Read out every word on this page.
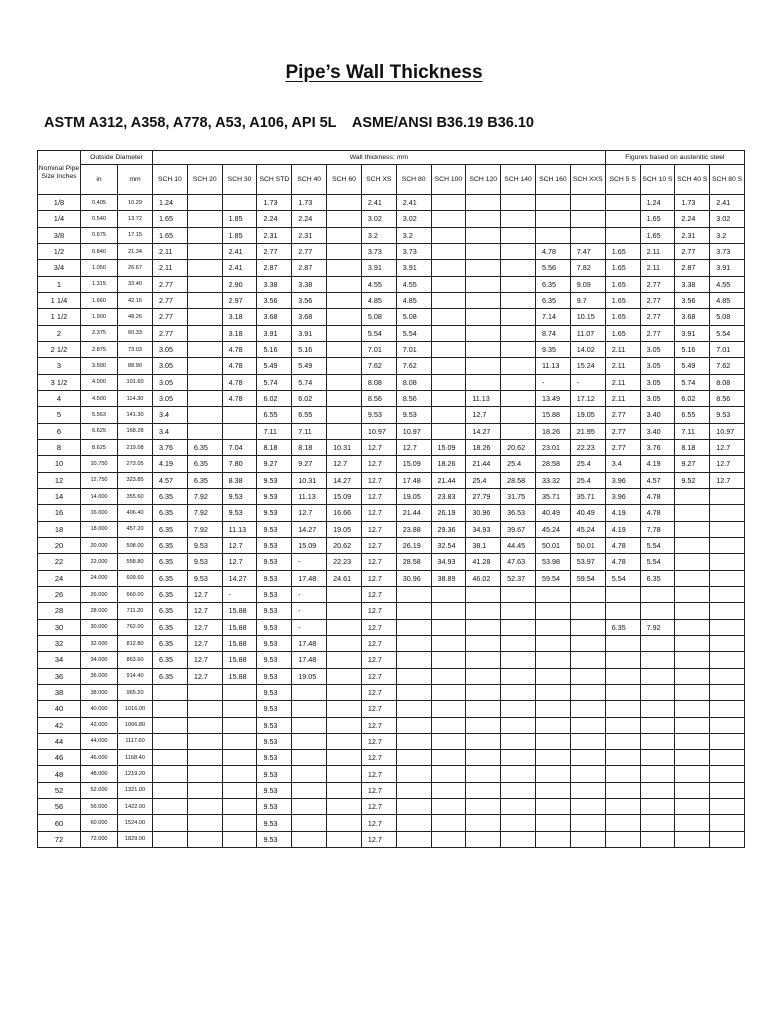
Pipe’s Wall Thickness
ASTM A312, A358, A778, A53, A106, API 5L    ASME/ANSI B36.19 B36.10
Nominal Pipe Size Inches	Outside Diameter		Wall thickness: mm													Figures based on austenitic steel			
	in	mm	SCH 10	SCH 20	SCH 30	SCH STD	SCH 40	SCH 60	SCH XS	SCH 80	SCH 100	SCH 120	SCH 140	SCH 160	SCH XXS	SCH 5 S	SCH 10 S	SCH 40 S	SCH 80 S
1/8	0.405	10.29	1.24			1.73	1.73		2.41	2.41							1.24	1.73	2.41
1/4	0.540	13.72	1.65		1.85	2.24	2.24		3.02	3.02							1.65	2.24	3.02
3/8	0.675	17.15	1.65		1.85	2.31	2.31		3.2	3.2							1.65	2.31	3.2
1/2	0.840	21.34	2.11		2.41	2.77	2.77		3.73	3.73				4.78	7.47	1.65	2.11	2.77	3.73
3/4	1.050	26.67	2.11		2.41	2.87	2.87		3.91	3.91				5.56	7.82	1.65	2.11	2.87	3.91
1	1.315	33.40	2.77		2.90	3.38	3.38		4.55	4.55				6.35	9.09	1.65	2.77	3.38	4.55
1 1/4	1.660	42.16	2.77		2.97	3.56	3.56		4.85	4.85				6.35	9.7	1.65	2.77	3.56	4.85
1 1/2	1.900	48.26	2.77		3.18	3.68	3.68		5.08	5.08				7.14	10.15	1.65	2.77	3.68	5.08
2	2.375	60.33	2.77		3.18	3.91	3.91		5.54	5.54				8.74	11.07	1.65	2.77	3.91	5.54
2 1/2	2.875	73.03	3.05		4.78	5.16	5.16		7.01	7.01				9.35	14.02	2.11	3.05	5.16	7.01
3	3.500	88.90	3.05		4.78	5.49	5.49		7.62	7.62				11.13	15.24	2.11	3.05	5.49	7.62
3 1/2	4.000	101.60	3.05		4.78	5.74	5.74		8.08	8.08				-	-	2.11	3.05	5.74	8.08
4	4.500	114.30	3.05		4.78	6.02	6.02		8.56	8.56		11.13		13.49	17.12	2.11	3.05	6.02	8.56
5	5.563	141.30	3.4			6.55	6.55		9.53	9.53		12.7		15.88	19.05	2.77	3.40	6.55	9.53
6	6.625	168.28	3.4			7.11	7.11		10.97	10.97		14.27		18.26	21.95	2.77	3.40	7.11	10.97
8	8.625	219.08	3.76	6.35	7.04	8.18	8.18	10.31	12.7	12.7	15.09	18.26	20.62	23.01	22.23	2.77	3.76	8.18	12.7
10	10.750	273.05	4.19	6.35	7.80	9.27	9.27	12.7	12.7	15.09	18.26	21.44	25.4	28.58	25.4	3.4	4.19	9.27	12.7
12	12.750	323.85	4.57	6.35	8.38	9.53	10.31	14.27	12.7	17.48	21.44	25.4	28.58	33.32	25.4	3.96	4.57	9.52	12.7
14	14.000	355.60	6.35	7.92	9.53	9.53	11.13	15.09	12.7	19.05	23.83	27.79	31.75	35.71	35.71	3.96	4.78		
16	16.000	406.40	6.35	7.92	9.53	9.53	12.7	16.66	12.7	21.44	26.19	30.96	36.53	40.49	40.49	4.19	4.78		
18	18.000	457.20	6.35	7.92	11.13	9.53	14.27	19.05	12.7	23.88	29.36	34.93	39.67	45.24	45.24	4.19	7.78		
20	20.000	508.00	6.35	9.53	12.7	9.53	15.09	20.62	12.7	26.19	32.54	38.1	44.45	50.01	50.01	4.78	5.54		
22	22.000	558.80	6.35	9.53	12.7	9.53	-	22.23	12.7	28.58	34.93	41.28	47.63	53.98	53.97	4.78	5.54		
24	24.000	609.60	6.35	9.53	14.27	9.53	17.48	24.61	12.7	30.96	38.89	46.02	52.37	59.54	59.54	5.54	6.35		
26	26.000	660.00	6.35	12.7	-	9.53	-		12.7										
28	28.000	711.20	6.35	12.7	15.88	9.53	-		12.7										
30	30.000	762.00	6.35	12.7	15.88	9.53	-		12.7							6.35	7.92		
32	32.000	812.80	6.35	12.7	15.88	9.53	17.48		12.7										
34	34.000	863.60	6.35	12.7	15.88	9.53	17.48		12.7										
36	36.000	914.40	6.35	12.7	15.88	9.53	19.05		12.7										
38	38.000	965.20				9.53			12.7										
40	40.000	1016.00				9.53			12.7										
42	42.000	1066.80				9.53			12.7										
44	44.000	1117.60				9.53			12.7										
46	46.000	1168.40				9.53			12.7										
48	48.000	1219.20				9.53			12.7										
52	52.000	1321.00				9.53			12.7										
56	56.000	1422.00				9.53			12.7										
60	60.000	1524.00				9.53			12.7										
72	72.000	1829.00				9.53			12.7										
